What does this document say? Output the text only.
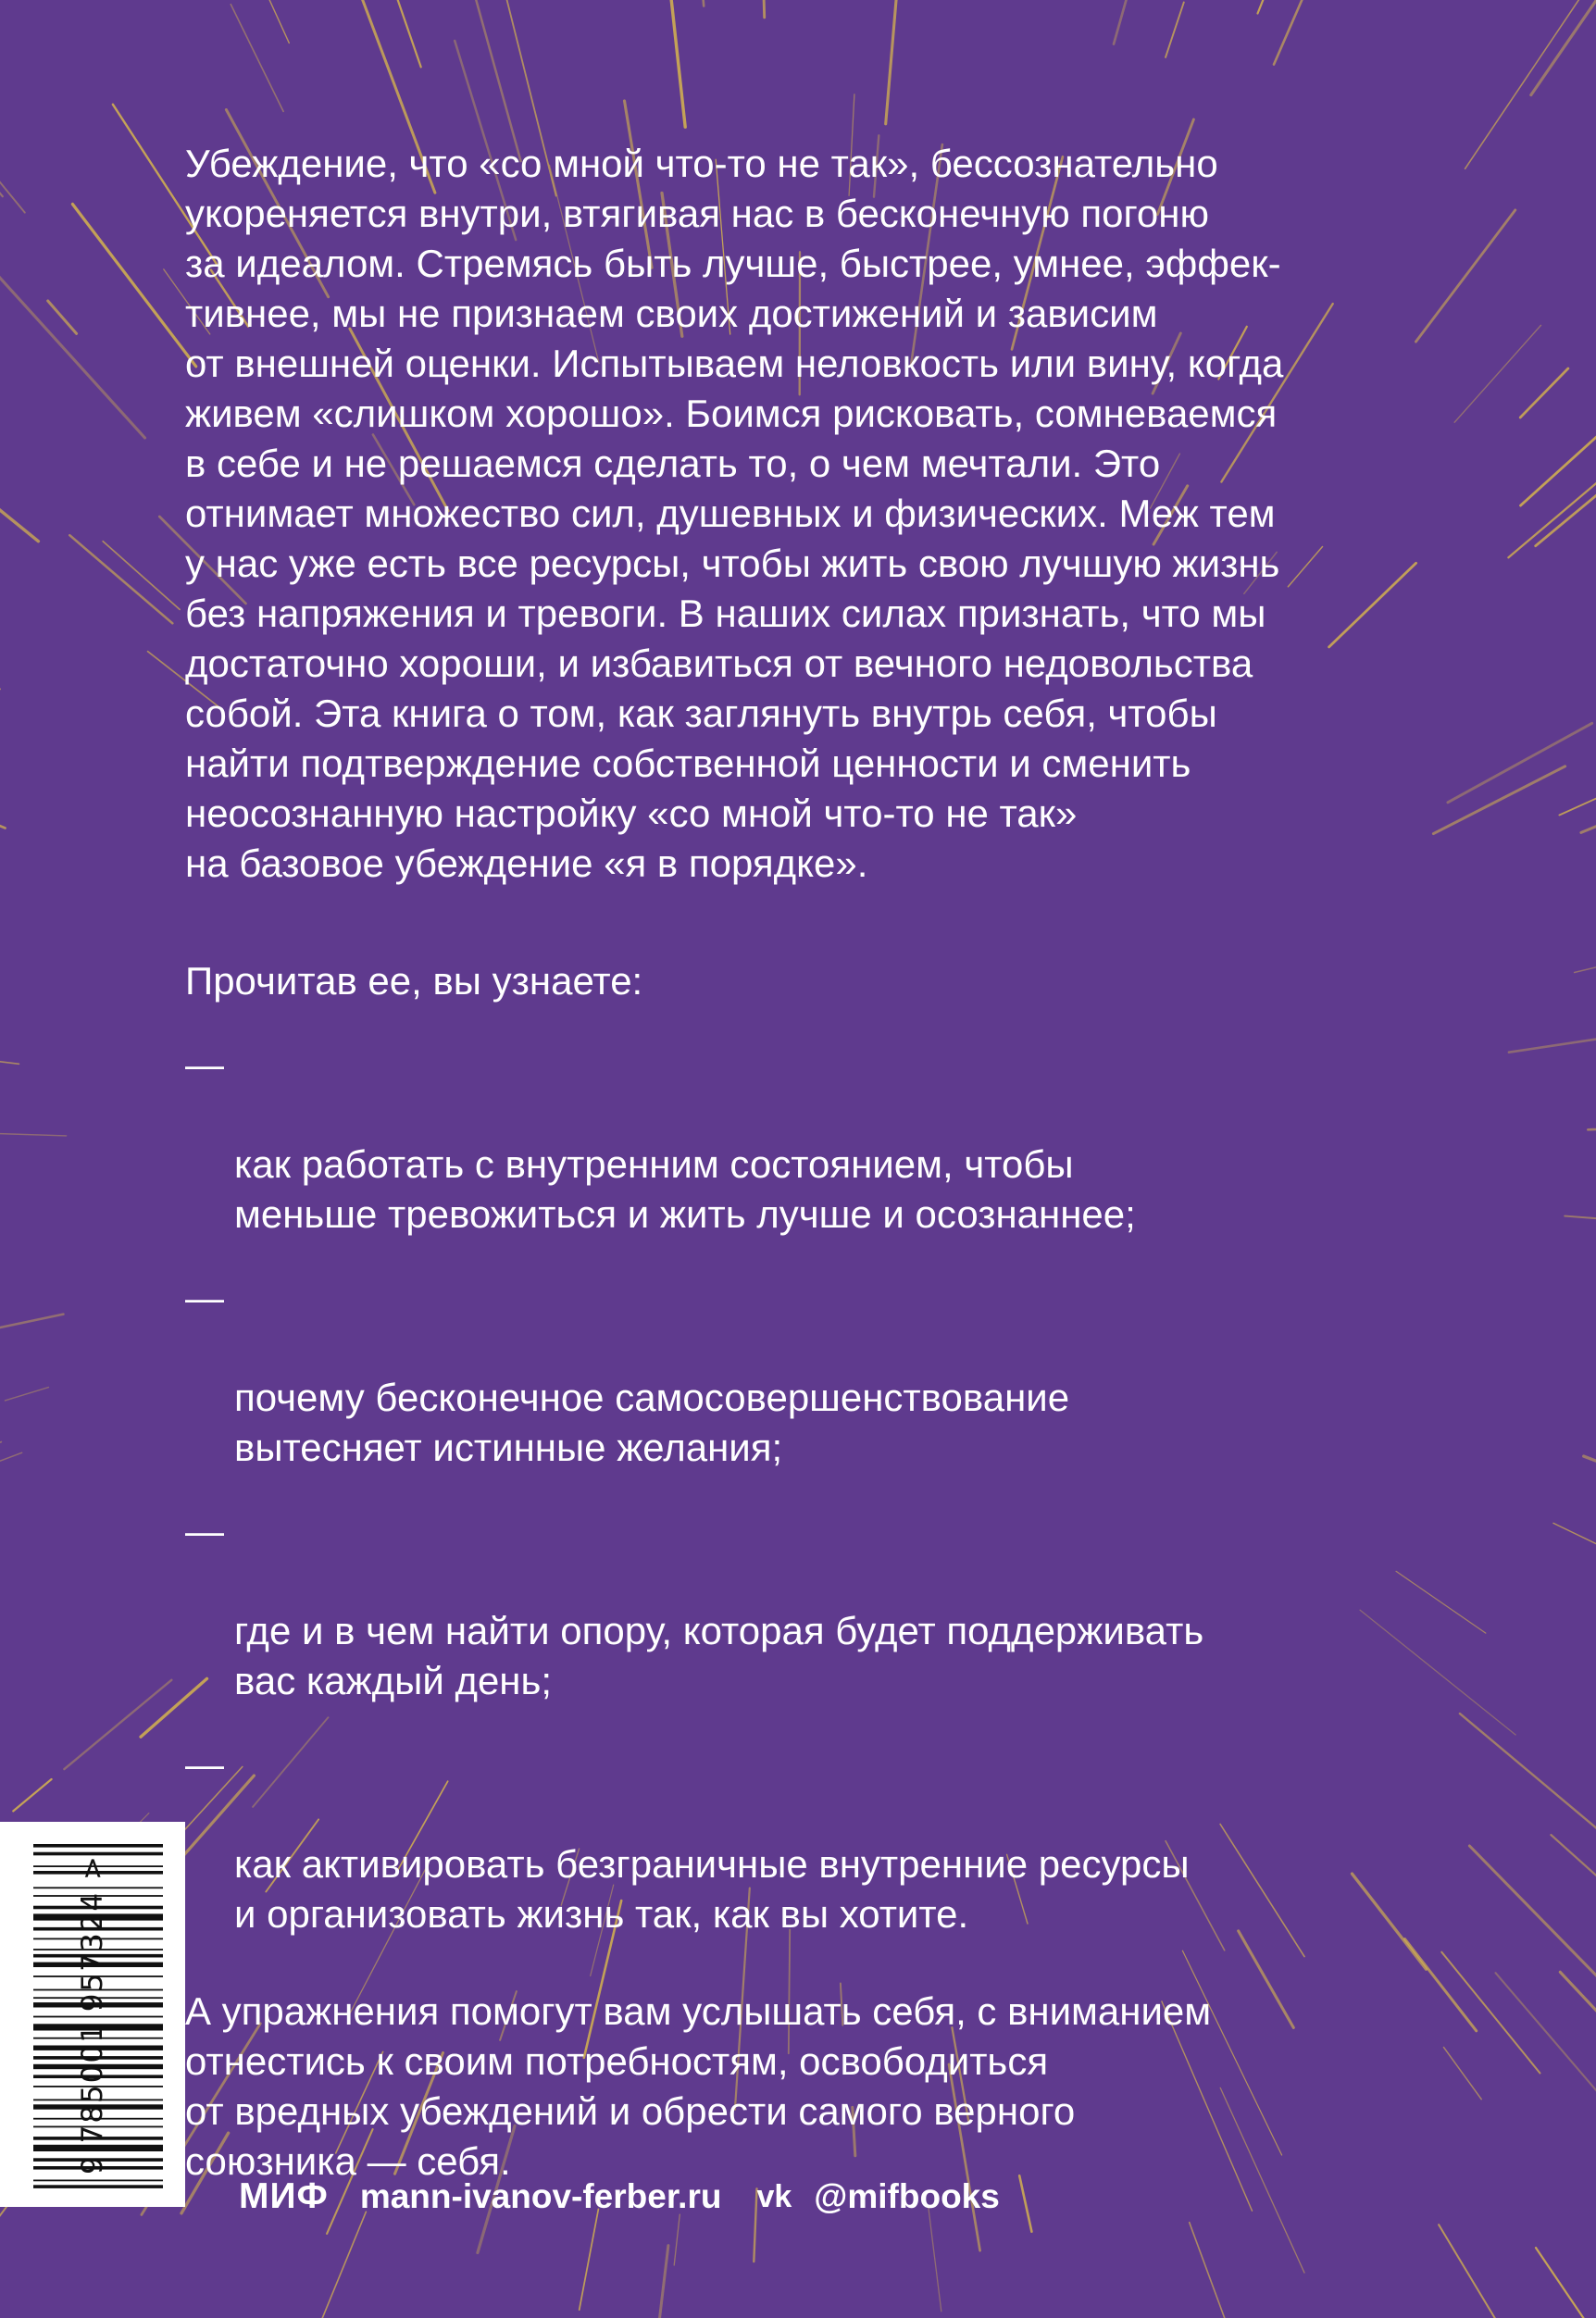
Убеждение, что «со мной что-то не так», бессознательно
укореняется внутри, втягивая нас в бесконечную погоню
за идеалом. Стремясь быть лучше, быстрее, умнее, эффек-
тивнее, мы не признаем своих достижений и зависим
от внешней оценки. Испытываем неловкость или вину, когда
живем «слишком хорошо». Боимся рисковать, сомневаемся
в себе и не решаемся сделать то, о чем мечтали. Это
отнимает множество сил, душевных и физических. Меж тем
у нас уже есть все ресурсы, чтобы жить свою лучшую жизнь
без напряжения и тревоги. В наших силах признать, что мы
достаточно хороши, и избавиться от вечного недовольства
собой. Эта книга о том, как заглянуть внутрь себя, чтобы
найти подтверждение собственной ценности и сменить
неосознанную настройку «со мной что-то не так»
на базовое убеждение «я в порядке».

Прочитав ее, вы узнаете:

—

как работать с внутренним состоянием, чтобы
меньше тревожиться и жить лучше и осознаннее;

—

почему бесконечное самосовершенствование
вытесняет истинные желания;

—

где и в чем найти опору, которая будет поддерживать
вас каждый день;

—

как активировать безграничные внутренние ресурсы
и организовать жизнь так, как вы хотите.

А упражнения помогут вам услышать себя, с вниманием
отнестись к своим потребностям, освободиться
от вредных убеждений и обрести самого верного
союзника — себя.

9 785001 957324 >
МИФ mann-ivanov-ferber.ru vk @mifbooks
